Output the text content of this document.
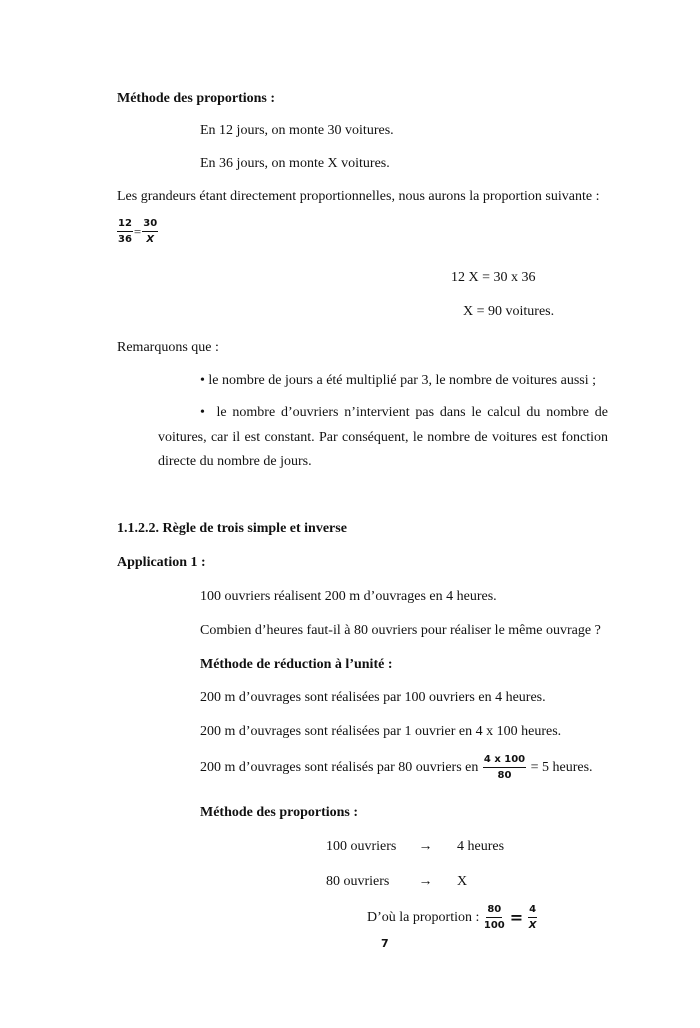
Méthode des proportions :
En 12 jours, on monte 30 voitures.
En 36 jours, on monte X voitures.
Les grandeurs étant directement proportionnelles, nous aurons la proportion suivante :
$\frac{12}{36} = \frac{30}{X}$
12 X = 30 x 36
X = 90 voitures.
Remarquons que :
• le nombre de jours a été multiplié par 3, le nombre de voitures aussi ;
• le nombre d’ouvriers n’intervient pas dans le calcul du nombre de
voitures, car il est constant. Par conséquent, le nombre de voitures est fonction
directe du nombre de jours.
1.1.2.2. Règle de trois simple et inverse
Application 1 :
100 ouvriers réalisent 200 m d’ouvrages en 4 heures.
Combien d’heures faut-il à 80 ouvriers pour réaliser le même ouvrage ?
Méthode de réduction à l’unité :
200 m d’ouvrages sont réalisées par 100 ouvriers en 4 heures.
200 m d’ouvrages sont réalisées par 1 ouvrier en 4 x 100 heures.
200 m d’ouvrages sont réalisés par 80 ouvriers en $\frac{4 x 100}{80} = 5$ heures.
Méthode des proportions :
100 ouvriers → 4 heures
80 ouvriers → X
D’où la proportion : $\frac{80}{100} = \frac{4}{X}$
7
